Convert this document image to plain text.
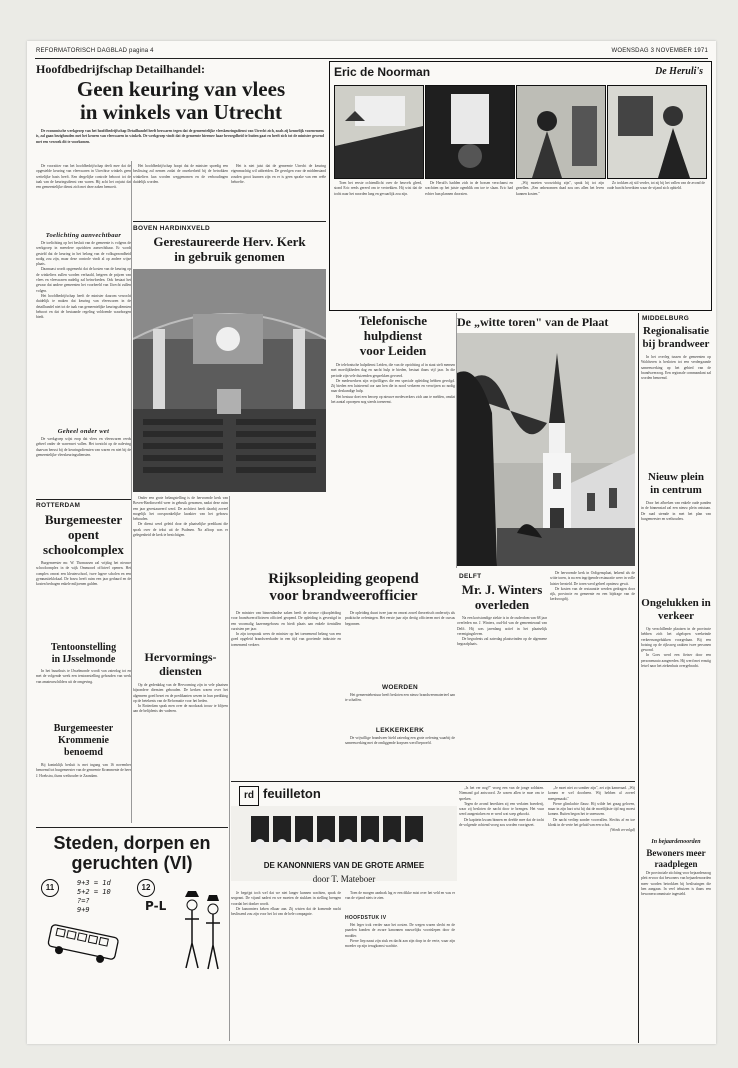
REFORMATORISCH DAGBLAD pagina 4	WOENSDAG 3 NOVEMBER 1971
Hoofdbedrijfschap Detailhandel:
Geen keuring van vlees
in winkels van Utrecht

De economische werkgroep van het hoofdbedrijfschap Detailhandel heeft bezwaren tegen dat de gemeentelijke vleeskeuringsdienst van Utrecht zich, zoals zij kennelijk voornemens is, zal gaan bezighouden met het keuren van vleeswaren in winkels. De werkgroep vindt dat de gemeente hiermee haar bevoegdheid te buiten gaat en heeft zich tot de minister gewend met een verzoek dit te voorkomen.

De voorzitter van het hoofdbedrijfschap deelt mee dat de opgestelde keuring van vleeswaren in Utrechtse winkels geen wettelijke basis heeft. Een dergelijke controle behoort tot de taak van de keuringsdienst van waren. Hij acht het onjuist dat een gemeentelijke dienst zich met deze zaken bemoeit.

Toelichting aanvechtbaar

De toelichting op het besluit van de gemeente is volgens de werkgroep in meerdere opzichten aanvechtbaar. Er wordt gesteld dat de keuring in het belang van de volksgezondheid nodig zou zijn, maar deze controle vindt al op andere wijze plaats.

Daarnaast wordt opgemerkt dat de kosten van de keuring op de winkeliers zullen worden verhaald, hetgeen de prijzen van vlees en vleeswaren nadelig zal beïnvloeden. Ook bestaat het gevaar dat andere gemeenten het voorbeeld van Utrecht zullen volgen.

Het hoofdbedrijfschap heeft de minister daarom verzocht duidelijk te maken dat keuring van vleeswaren in de detailhandel niet tot de taak van gemeentelijke keuringsdiensten behoort en dat de bestaande regeling voldoende waarborgen biedt.

Geheel onder wet

De werkgroep wijst erop dat vlees en vleeswaren reeds geheel onder de warenwet vallen. Het toezicht op de naleving daarvan berust bij de keuringsdiensten van waren en niet bij de gemeentelijke vleeskeuringsdiensten.

Het hoofdbedrijfschap hoopt dat de minister spoedig een beslissing zal nemen zodat de onzekerheid bij de betrokken winkeliers kan worden weggenomen en de verhoudingen duidelijk worden.

Het is niet juist dat de gemeente Utrecht de keuring eigenmachtig wil uitbreiden. De gevolgen voor de middenstand zouden groot kunnen zijn en er is geen sprake van een reële behoefte.

BOVEN HARDINXVELD
Gerestaureerde Herv. Kerk
in gebruik genomen
ROTTERDAM
Burgemeester
opent
schoolcomplex

Burgemeester mr. W. Thomassen zal vrijdag het nieuwe schoolcomplex in de wijk Ommoord officieel openen. Het complex omvat een kleuterschool, twee lagere scholen en een gymnastieklokaal. De bouw heeft ruim een jaar geduurd en de kosten bedragen enkele miljoenen gulden.

Tentoonstelling
in IJsselmonde

In het buurthuis te IJsselmonde wordt van zaterdag tot en met de volgende week een tentoonstelling gehouden van werk van amateurschilders uit de omgeving.

Burgemeester
Krommenie
benoemd

Bij koninklijk besluit is met ingang van 16 november benoemd tot burgemeester van de gemeente Krommenie de heer J. Hoekstra, thans wethouder te Zaandam.

Onder een grote belangstelling is de hervormde kerk van Boven-Hardinxveld weer in gebruik genomen, nadat deze ruim een jaar gerestaureerd werd. De architect heeft daarbij zoveel mogelijk het oorspronkelijke karakter van het gebouw behouden.

De dienst werd geleid door de plaatselijke predikant die sprak over de tekst uit de Psalmen. Na afloop was er gelegenheid de kerk te bezichtigen.

Hervormings-
diensten

Op de gedenkdag van de Hervorming zijn in vele plaatsen bijzondere diensten gehouden. De kerken waren over het algemeen goed bezet en de predikanten wezen in hun prediking op de betekenis van de Reformatie voor het heden.

In Rotterdam sprak men over de noodzaak trouw te blijven aan de belijdenis der vaderen.

Rijksopleiding geopend
voor brandweerofficier

De minister van binnenlandse zaken heeft de nieuwe rijksopleiding voor brandweerofficieren officieel geopend. De opleiding is gevestigd in een voormalig kazernegebouw en biedt plaats aan enkele tientallen cursisten per jaar.

In zijn toespraak wees de minister op het toenemend belang van een goed opgeleid brandweerkader in een tijd van groeiende industrie en toenemend verkeer.

De opleiding duurt twee jaar en omvat zowel theoretisch onderwijs als praktische oefeningen. Het eerste jaar zijn dertig officieren met de cursus begonnen.

WOERDEN

Het gemeentebestuur heeft besloten een nieuw brandweermaterieel aan te schaffen.

LEKKERKERK

De vrijwillige brandweer hield zaterdag een grote oefening waarbij de samenwerking met de omliggende korpsen werd beproefd.

Eric de Noorman	De Heruli's

Toen het eerste ochtendlicht over de heuvels gleed, stond Eric reeds gereed om te vertrekken. Hij wist dat de tocht naar het noorden lang en gevaarlijk zou zijn.

De Heruli's hadden zich in de bossen verschanst en wachtten op het juiste ogenblik om toe te slaan. Eric had echter hun plannen doorzien.

„Wij moeten voorzichtig zijn", sprak hij tot zijn gezellen. „Een onbezonnen daad zou ons allen het leven kunnen kosten."

Zo trokken zij stil verder, tot zij bij het vallen van de avond de oude burcht bereikten waar de vijand zich ophield.

Telefonische
hulpdienst
voor Leiden

De telefonische hulpdienst Leiden, die van de oprichting af in staat stelt mensen met moeilijkheden dag en nacht hulp te bieden, bestaat thans vijf jaar. In die periode zijn vele duizenden gesprekken gevoerd.

De medewerkers zijn vrijwilligers die een speciale opleiding hebben gevolgd. Zij bieden een luisterend oor aan hen die in nood verkeren en verwijzen zo nodig naar deskundige hulp.

Het bestuur doet een beroep op nieuwe medewerkers zich aan te melden, omdat het aantal oproepen nog steeds toeneemt.

De „witte toren" van de Plaat
DELFT
Mr. J. Winters
overleden

Na een kortstondige ziekte is in de ouderdom van 68 jaar overleden mr. J. Winters, oud-lid van de gemeenteraad van Delft. Hij was jarenlang actief in het plaatselijk verenigingsleven.

De begrafenis zal zaterdag plaatsvinden op de algemene begraafplaats.

De hervormde kerk in Ooltgensplaat, bekend als de witte toren, is na een ingrijpende restauratie weer in volle luister hersteld. De toren werd geheel opnieuw gewit.

De kosten van de restauratie werden gedragen door rijk, provincie en gemeente en een bijdrage van de kerkvoogdij.

MIDDELBURG
Regionalisatie
bij brandweer

In het overleg tussen de gemeenten op Walcheren is besloten tot een verdergaande samenwerking op het gebied van de brandweerzorg. Een regionale commandant zal worden benoemd.

Nieuw plein
in centrum

Door het afbreken van enkele oude panden in de binnenstad zal een nieuw plein ontstaan. De raad stemde in met het plan van burgemeester en wethouders.

Ongelukken in
verkeer

Op verschillende plaatsen in de provincie hebben zich het afgelopen weekeinde verkeersongelukken voorgedaan. Bij een botsing op de rijksweg raakten twee personen gewond.

In Goes werd een fietser door een personenauto aangereden. Hij werd met ernstig letsel naar het ziekenhuis overgebracht.

In bejaardenoorden
Bewoners meer
raadplegen

De provinciale stichting voor bejaardenzorg pleit ervoor dat bewoners van bejaardenoorden meer worden betrokken bij beslissingen die hen aangaan. In veel tehuizen is thans een bewonerscommissie ingesteld.

rd feuilleton
DE KANONNIERS VAN DE GROTE ARMEE
door T. Mateboer

Je begrijpt toch wel dat we niet langer kunnen wachten, sprak de sergeant. De vijand nadert en we moeten de stukken in stelling brengen voordat het donker wordt.

De kanonniers keken elkaar aan. Zij wisten dat de komende nacht beslissend zou zijn voor het lot van de hele compagnie.

Toen de morgen aanbrak lag er een dikke mist over het veld en was er van de vijand niets te zien.

HOOFDSTUK IV

Het leger trok verder naar het oosten. De wegen waren slecht en de paarden konden de zware kanonnen nauwelijks voortslepen door de modder.

Pierre liep naast zijn stuk en dacht aan zijn dorp in de verte, waar zijn moeder op zijn terugkomst wachtte.

„Is het ver nog?" vroeg een van de jonge soldaten. Niemand gaf antwoord. Ze waren allen te moe om te spreken.

Tegen de avond bereikten zij een verlaten boerderij, waar zij besloten de nacht door te brengen. Het vuur werd aangestoken en er werd wat soep gekookt.

De kapitein kwam binnen en deelde mee dat de tocht de volgende ochtend vroeg zou worden voortgezet.

„Je moet niet zo somber zijn", zei zijn kameraad. „Wij komen er wel doorheen. Wij hebben al zoveel meegemaakt."

Pierre glimlachte flauw. Hij wilde het graag geloven, maar in zijn hart wist hij dat de moeilijkste tijd nog moest komen. Buiten begon het te sneeuwen.

De nacht verliep zonder voorvallen. Slechts af en toe klonk in de verte het geluid van een schot.

(Wordt vervolgd)

Steden, dorpen en
geruchten (VI)
11	12
9+3 = 1d
5+2 = 10
?=?
9+9	P-L
